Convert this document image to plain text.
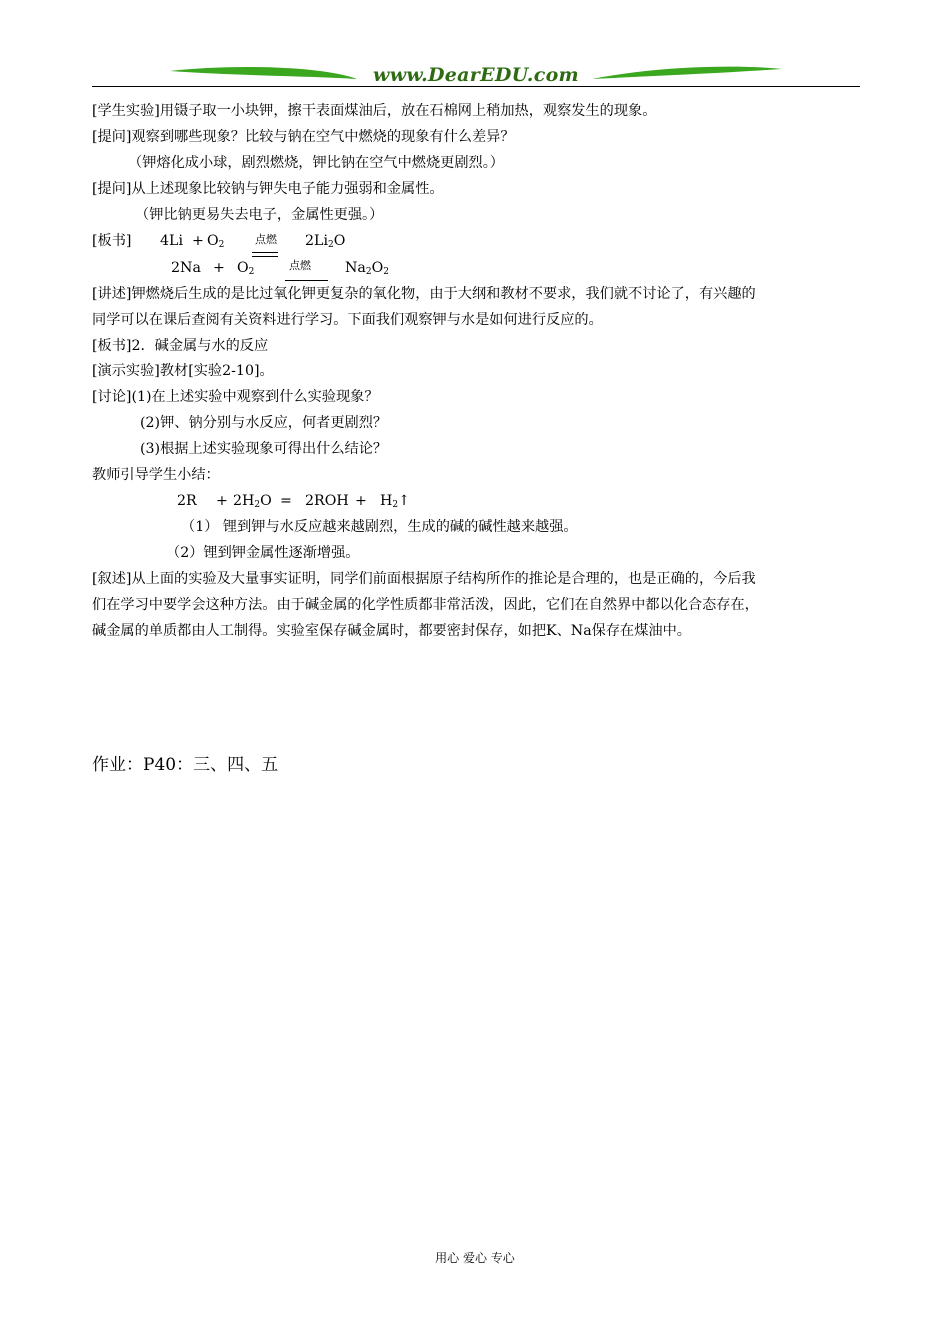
www.DearEDU.com
[学生实验]用镊子取一小块钾，擦干表面煤油后，放在石棉网上稍加热，观察发生的现象。
[提问]观察到哪些现象？比较与钠在空气中燃烧的现象有什么差异？
（钾熔化成小球，剧烈燃烧，钾比钠在空气中燃烧更剧烈。）
[提问]从上述现象比较钠与钾失电子能力强弱和金属性。
（钾比钠更易失去电子，金属性更强。）
[板书] $4Li + O_2$	点燃 $2Li_2O$
$2Na + O_2$	点燃 $Na_2O_2$
[讲述]钾燃烧后生成的是比过氧化钾更复杂的氧化物，由于大纲和教材不要求，我们就不讨论了，有兴趣的
同学可以在课后查阅有关资料进行学习。下面我们观察钾与水是如何进行反应的。
[板书]2．碱金属与水的反应
[演示实验]教材[实验2-10]。
[讨论](1)在上述实验中观察到什么实验现象？
(2)钾、钠分别与水反应，何者更剧烈？
(3)根据上述实验现象可得出什么结论？
教师引导学生小结：
$2R + 2H_2O = 2ROH$ + $H_2↑$
（1） 锂到钾与水反应越来越剧烈，生成的碱的碱性越来越强。
（2）锂到钾金属性逐渐增强。
[叙述]从上面的实验及大量事实证明，同学们前面根据原子结构所作的推论是合理的，也是正确的，今后我
们在学习中要学会这种方法。由于碱金属的化学性质都非常活泼，因此，它们在自然界中都以化合态存在，
碱金属的单质都由人工制得。实验室保存碱金属时，都要密封保存，如把K、Na保存在煤油中。
作业：P40：三、四、五
用心 爱心 专心
